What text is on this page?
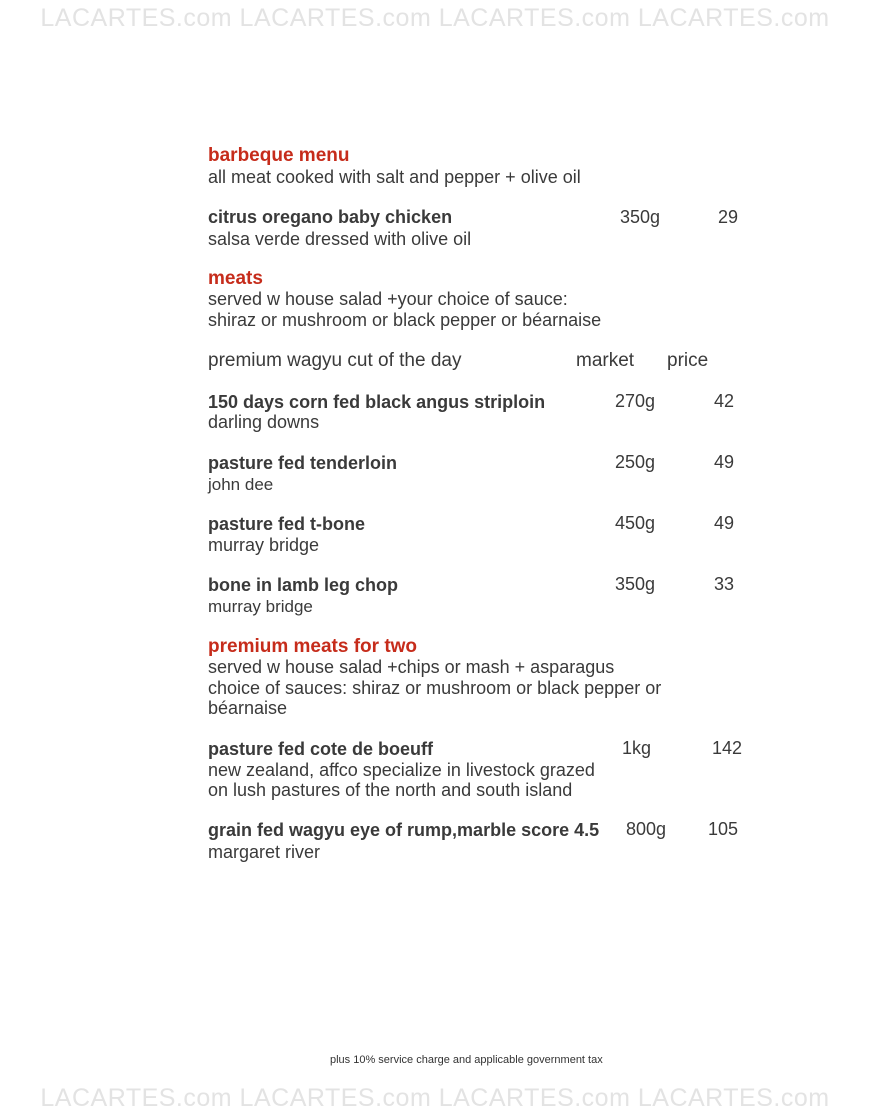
LACARTES.com LACARTES.com LACARTES.com LACARTES.com
barbeque menu
all meat cooked with salt and pepper + olive oil
citrus oregano baby chicken
salsa verde dressed with olive oil
350g	29
meats
served w house salad +your choice of sauce:
shiraz or mushroom or black pepper or béarnaise
premium wagyu cut of the day	market price
150 days corn fed black angus striploin
darling downs
270g	42
pasture fed tenderloin
john dee
250g	49
pasture fed t-bone
murray bridge
450g	49
bone in lamb leg chop
murray bridge
350g	33
premium meats for two
served w house salad +chips or mash + asparagus
choice of sauces: shiraz or mushroom or black pepper or
béarnaise
pasture fed cote de boeuff
new zealand, affco specialize in livestock grazed
on lush pastures of the north and south island
1kg	142
grain fed wagyu eye of rump,marble score 4.5
margaret river
800g 105
plus 10% service charge and applicable government tax
LACARTES.com LACARTES.com LACARTES.com LACARTES.com
